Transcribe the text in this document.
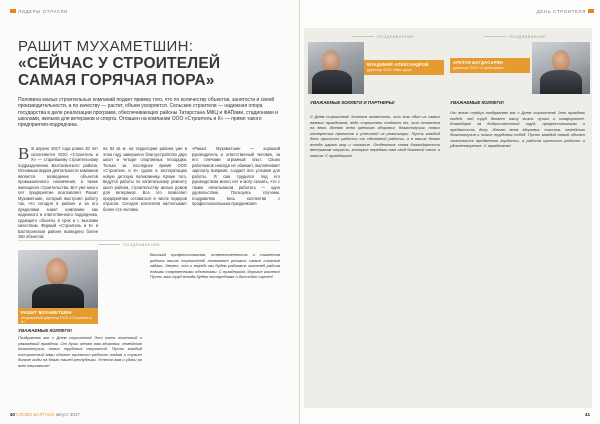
ЛИДЕРЫ ОТРАСЛИ
РАШИТ МУХАМЕТШИН:
«СЕЙЧАС У СТРОИТЕЛЕЙ
САМАЯ ГОРЯЧАЯ ПОРА»
Половина малых строительных компаний подает пример того, что по количеству объектов, занятости и своей производительности, а по качеству — растет, объем ускоряется. Сельские строители — надежная опора государства в деле реализации программ, обеспечивающих районы Татарстана МФЦ и ФАПами, стадионами и школами, жильем для ветеранов и спорта. Оглашен на компании ООО «Строитель и К» — прямо такого предприятия-подрядчика.
В В апреле 2017 года ровно 20 лет исполняется ООО «Строитель и К» — старейшему строительному подразделению Балтасинского района. Основным видом деятельности компании является возведение объектов промышленного назначения, а также жилищного строительства. Вот уже много лет предприятие возглавляет Рашит Мухаметшин, который выстроил работу так, что сегодня в районе и за его пределами знают компанию как надежного и ответственного подрядчика, сдающего объекты в срок и с высоким качеством. Фирмой «Строитель и К» в Балтасинском районе возведено более 150 объектов.
на 84 кв м. на территории района уже в этом году завершено благоустройство двух школ и четыре спортивных площадки. Только за последнее время ООО «Строитель и К» сдали в эксплуатацию новую детскую поликлинику. Кроме того, ведутся работы по капитальному ремонту школ района, строительству жилых домов для ветеранов. Все это позволяет предприятию оставаться в числе лидеров отрасли. Сегодня коллектив насчитывает более ста человек.
«Рашит Мухаметшин — хороший руководитель и ответственный человек, за его плечами огромный опыт. Своих работников никогда не обижает, выплачивает зарплату вовремя, создает все условия для работы. Я сам трудился под его руководством много лет и могу сказать, что с таким начальником работать — одно удовольствие. Пользуясь случаем, поздравляю весь коллектив с профессиональным праздником!»
ПОЗДРАВЛЕНИЕ
РАШИТ МУХАМЕТШИН
генеральный директор ООО «Строитель и К»
УВАЖАЕМЫЕ КОЛЛЕГИ!
Поздравляю вас с Днем строителя! Это очень почетный и уважаемый праздник. От души желаю вам здоровья, семейного благополучия, новых трудовых свершений. Пусть каждый построенный вами объект приносит радость людям и служит долгие годы на благо нашей республики. Успехов вам и удачи во всех начинаниях!
Высокий профессионализм, ответственность и слаженная работа наших строителей позволяют решать самые сложные задачи. Уверен, что и впредь мы будем радовать жителей района новыми современными объектами. С праздником, дорогие коллеги! Пусть ваш труд всегда будет востребован и достойно оценен!
40 СЛОВО БАЛТАСИ август 2017
ДЕНЬ СТРОИТЕЛЯ
ПОЗДРАВЛЕНИЕ
ВЛАДИМИР АЛЕКСАНДРОВ
директор ООО «Наш дом»
УВАЖАЕМЫЕ КОЛЛЕГИ И ПАРТНЕРЫ!
С Днем строителя! Хочется отметить, что это один из самых важных праздников, ведь строители создают то, что остается на века. Желаю всем крепкого здоровья, благополучия, новых интересных проектов и успешной их реализации. Пусть каждый день приносит радость от сделанной работы, а в ваших домах всегда царят мир и согласие. Отдельные слова благодарности ветеранам отрасли, которые передали нам свой богатый опыт и знания. С праздником!
ПОЗДРАВЛЕНИЕ
АРКТУН БАГДАСАРЯН
директор ООО «Стройсервис»
УВАЖАЕМЫЕ КОЛЛЕГИ!
От всего сердца поздравляю вас с Днем строителя! Это праздник людей, чей труд делает нашу жизнь лучше и комфортнее. Благодарю за добросовестный труд, профессионализм и преданность делу. Желаю всем здоровья, счастья, семейного благополучия и новых трудовых побед. Пусть каждый новый объект становится предметом гордости, а работа приносит радость и удовлетворение. С праздником!
41
